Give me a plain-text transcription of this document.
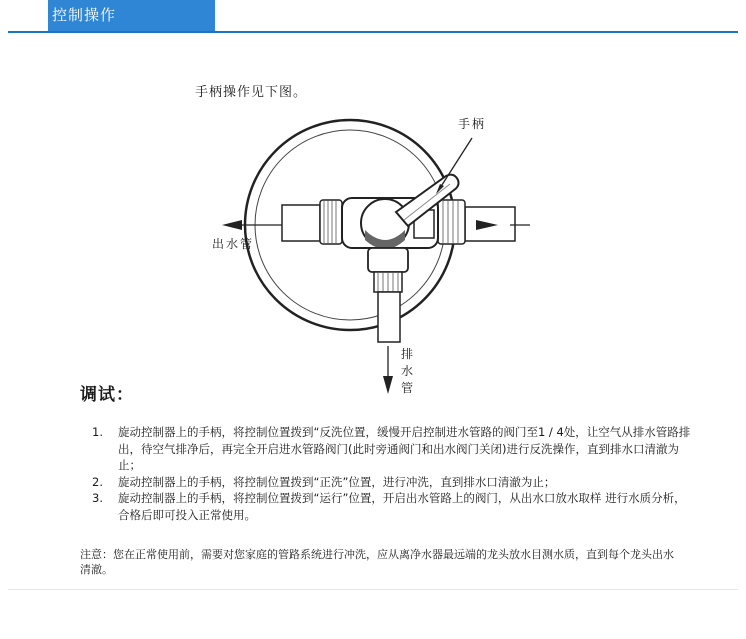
控制操作
手柄操作见下图。
手柄
出水管
排水管
调试：
1. 旋动控制器上的手柄，将控制位置拨到“反洗位置，缓慢开启控制进水管路的阀门至1 / 4处，让空气从排水管路排出，待空气排净后，再完全开启进水管路阀门(此时旁通阀门和出水阀门关闭)进行反洗操作，直到排水口清澈为止；
2. 旋动控制器上的手柄，将控制位置拨到“正洗”位置，进行冲洗，直到排水口清澈为止；
3. 旋动控制器上的手柄，将控制位置拨到“运行”位置，开启出水管路上的阀门，从出水口放水取样 进行水质分析，合格后即可投入正常使用。
注意：您在正常使用前，需要对您家庭的管路系统进行冲洗，应从离净水器最远端的龙头放水目测水质，直到每个龙头出水清澈。
